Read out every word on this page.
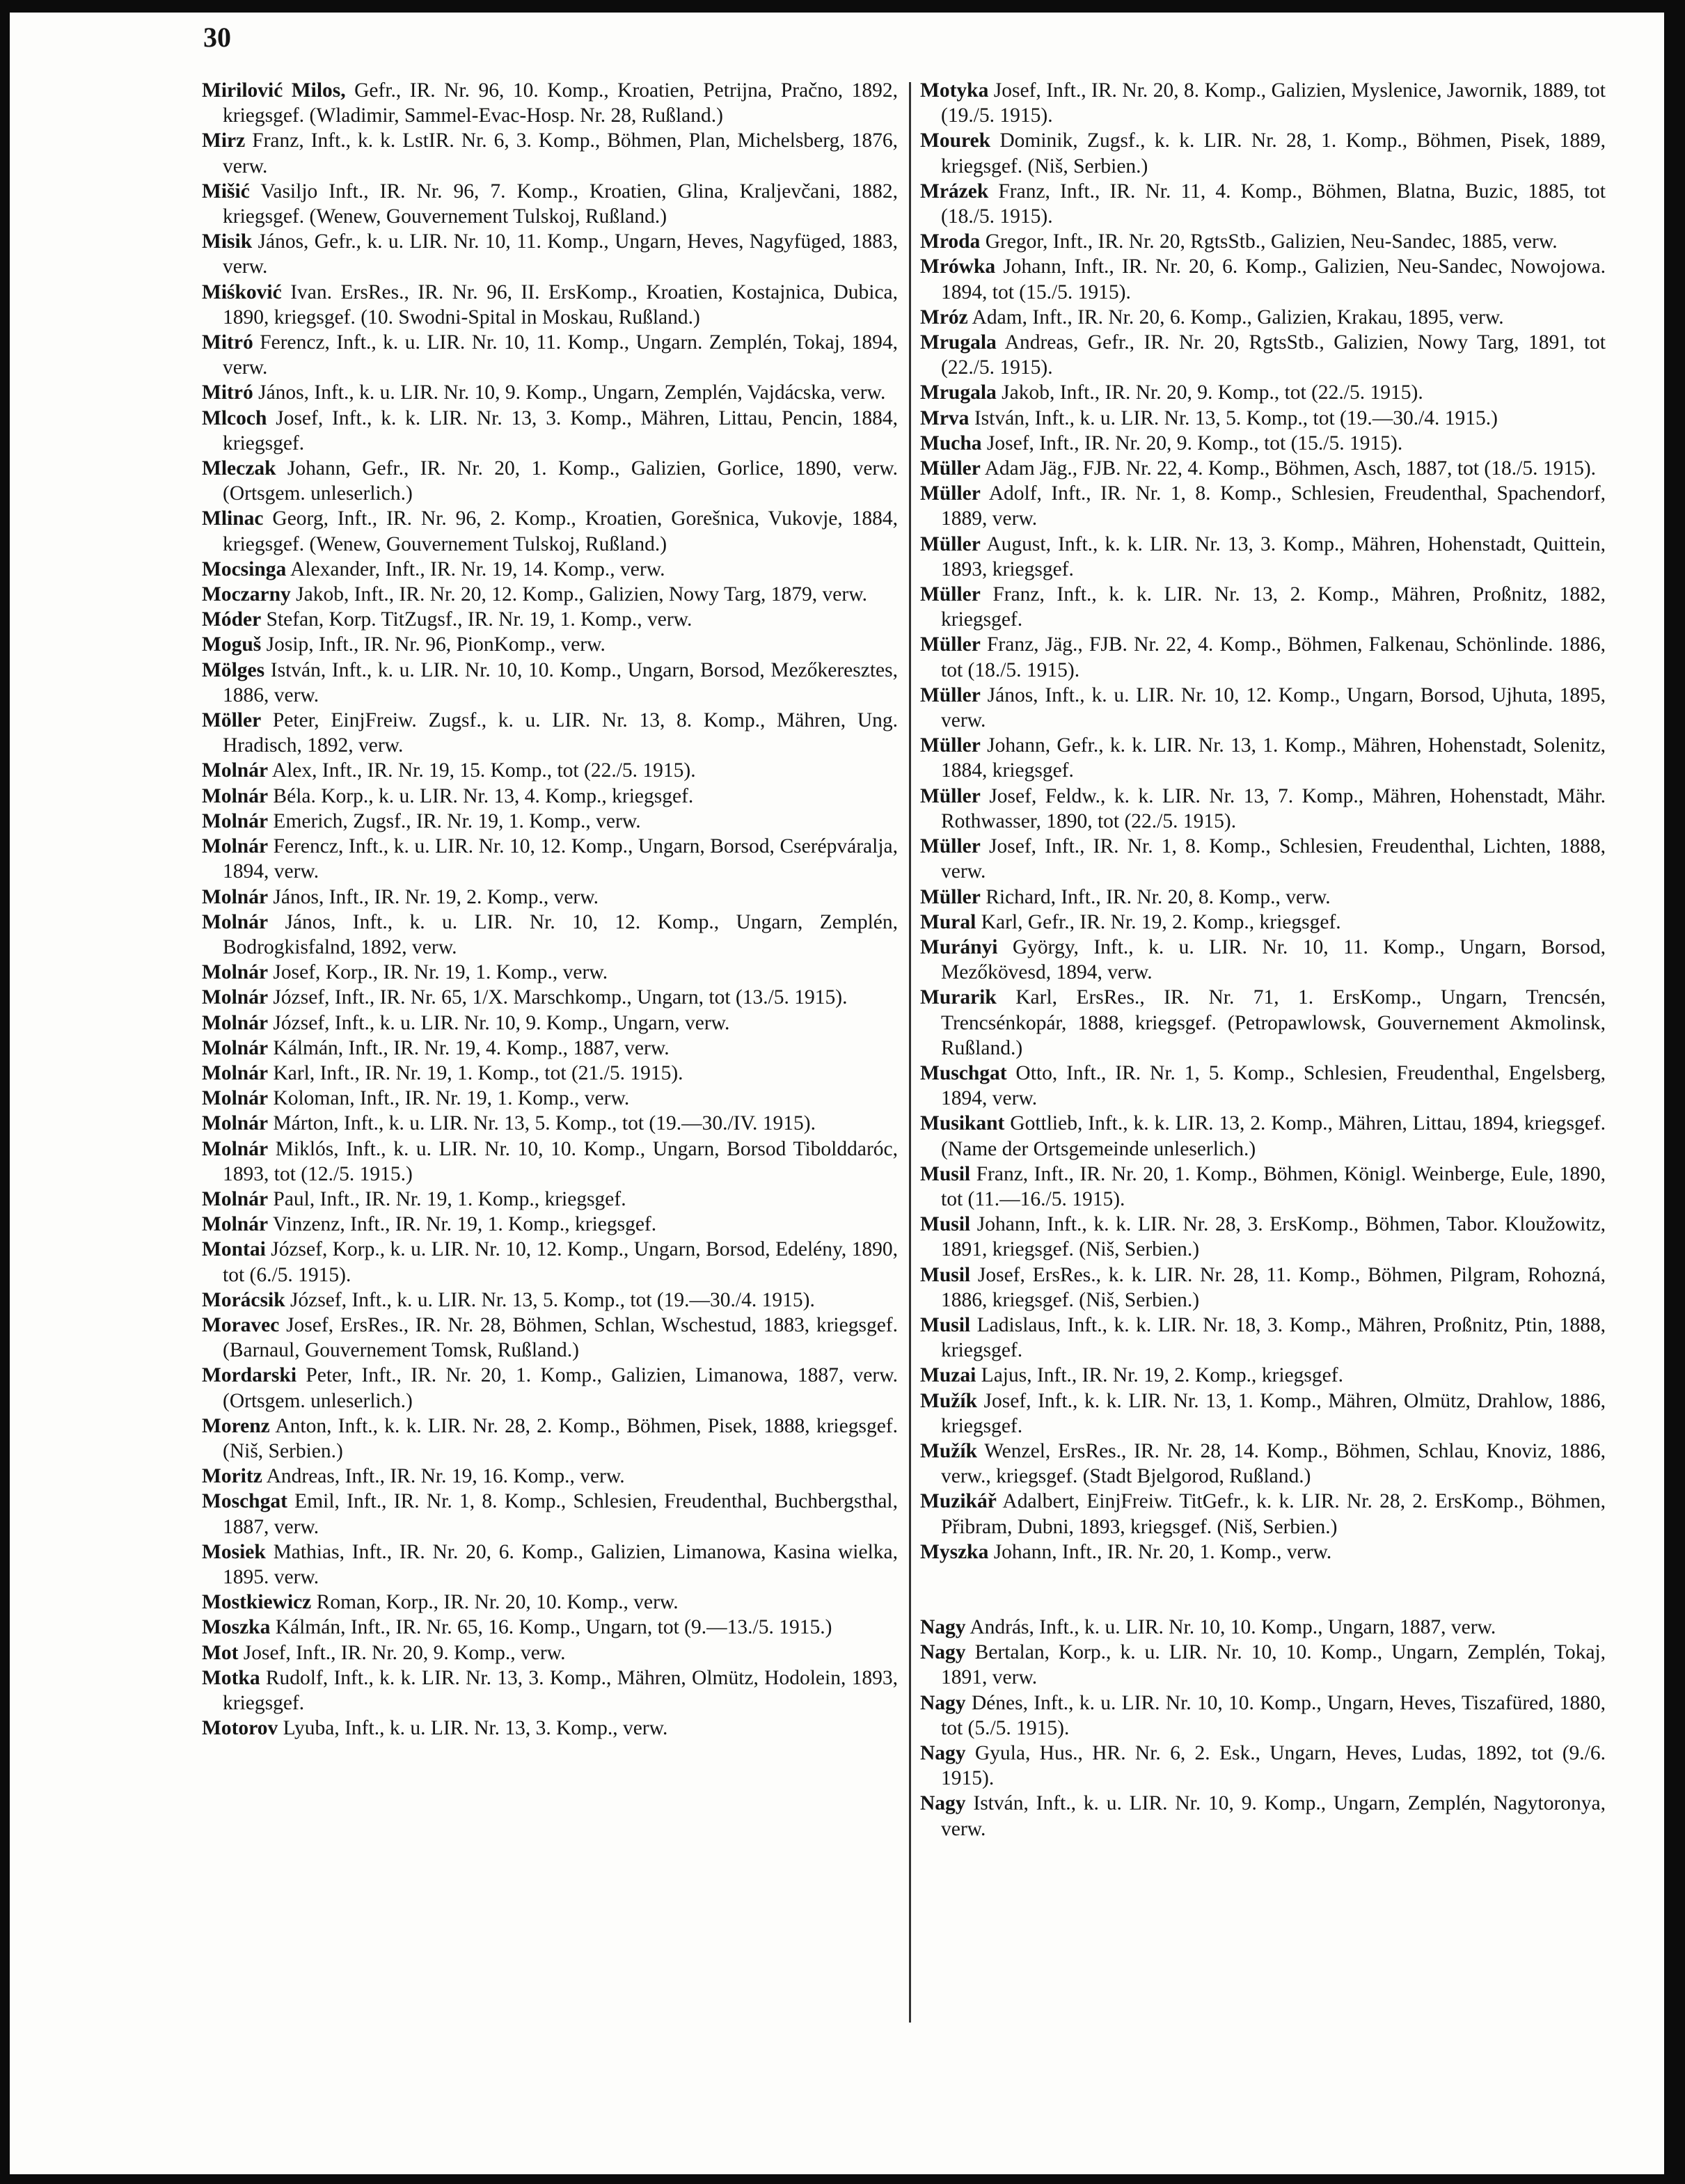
30

Mirilović Milos, Gefr., IR. Nr. 96, 10. Komp., Kroatien, Petrijna, Pračno, 1892, kriegsgef. (Wladimir, Sammel-Evac-Hosp. Nr. 28, Rußland.)

Mirz Franz, Inft., k. k. LstIR. Nr. 6, 3. Komp., Böhmen, Plan, Michelsberg, 1876, verw.

Mišić Vasiljo Inft., IR. Nr. 96, 7. Komp., Kroatien, Glina, Kraljevčani, 1882, kriegsgef. (Wenew, Gouvernement Tulskoj, Rußland.)

Misik János, Gefr., k. u. LIR. Nr. 10, 11. Komp., Ungarn, Heves, Nagyfüged, 1883, verw.

Miśković Ivan. ErsRes., IR. Nr. 96, II. ErsKomp., Kroatien, Kostajnica, Dubica, 1890, kriegsgef. (10. Swodni-Spital in Moskau, Rußland.)

Mitró Ferencz, Inft., k. u. LIR. Nr. 10, 11. Komp., Ungarn. Zemplén, Tokaj, 1894, verw.

Mitró János, Inft., k. u. LIR. Nr. 10, 9. Komp., Ungarn, Zemplén, Vajdácska, verw.

Mlcoch Josef, Inft., k. k. LIR. Nr. 13, 3. Komp., Mähren, Littau, Pencin, 1884, kriegsgef.

Mleczak Johann, Gefr., IR. Nr. 20, 1. Komp., Galizien, Gorlice, 1890, verw. (Ortsgem. unleserlich.)

Mlinac Georg, Inft., IR. Nr. 96, 2. Komp., Kroatien, Gorešnica, Vukovje, 1884, kriegsgef. (Wenew, Gouvernement Tulskoj, Rußland.)

Mocsinga Alexander, Inft., IR. Nr. 19, 14. Komp., verw.

Moczarny Jakob, Inft., IR. Nr. 20, 12. Komp., Galizien, Nowy Targ, 1879, verw.

Móder Stefan, Korp. TitZugsf., IR. Nr. 19, 1. Komp., verw.

Moguš Josip, Inft., IR. Nr. 96, PionKomp., verw.

Mölges István, Inft., k. u. LIR. Nr. 10, 10. Komp., Ungarn, Borsod, Mezőkeresztes, 1886, verw.

Möller Peter, EinjFreiw. Zugsf., k. u. LIR. Nr. 13, 8. Komp., Mähren, Ung. Hradisch, 1892, verw.

Molnár Alex, Inft., IR. Nr. 19, 15. Komp., tot (22./5. 1915).

Molnár Béla. Korp., k. u. LIR. Nr. 13, 4. Komp., kriegsgef.

Molnár Emerich, Zugsf., IR. Nr. 19, 1. Komp., verw.

Molnár Ferencz, Inft., k. u. LIR. Nr. 10, 12. Komp., Ungarn, Borsod, Cserépváralja, 1894, verw.

Molnár János, Inft., IR. Nr. 19, 2. Komp., verw.

Molnár János, Inft., k. u. LIR. Nr. 10, 12. Komp., Ungarn, Zemplén, Bodrogkisfalnd, 1892, verw.

Molnár Josef, Korp., IR. Nr. 19, 1. Komp., verw.

Molnár József, Inft., IR. Nr. 65, 1/X. Marschkomp., Ungarn, tot (13./5. 1915).

Molnár József, Inft., k. u. LIR. Nr. 10, 9. Komp., Ungarn, verw.

Molnár Kálmán, Inft., IR. Nr. 19, 4. Komp., 1887, verw.

Molnár Karl, Inft., IR. Nr. 19, 1. Komp., tot (21./5. 1915).

Molnár Koloman, Inft., IR. Nr. 19, 1. Komp., verw.

Molnár Márton, Inft., k. u. LIR. Nr. 13, 5. Komp., tot (19.—30./IV. 1915).

Molnár Miklós, Inft., k. u. LIR. Nr. 10, 10. Komp., Ungarn, Borsod Tibolddaróc, 1893, tot (12./5. 1915.)

Molnár Paul, Inft., IR. Nr. 19, 1. Komp., kriegsgef.

Molnár Vinzenz, Inft., IR. Nr. 19, 1. Komp., kriegsgef.

Montai József, Korp., k. u. LIR. Nr. 10, 12. Komp., Ungarn, Borsod, Edelény, 1890, tot (6./5. 1915).

Morácsik József, Inft., k. u. LIR. Nr. 13, 5. Komp., tot (19.—30./4. 1915).

Moravec Josef, ErsRes., IR. Nr. 28, Böhmen, Schlan, Wschestud, 1883, kriegsgef. (Barnaul, Gouvernement Tomsk, Rußland.)

Mordarski Peter, Inft., IR. Nr. 20, 1. Komp., Galizien, Limanowa, 1887, verw. (Ortsgem. unleserlich.)

Morenz Anton, Inft., k. k. LIR. Nr. 28, 2. Komp., Böhmen, Pisek, 1888, kriegsgef. (Niš, Serbien.)

Moritz Andreas, Inft., IR. Nr. 19, 16. Komp., verw.

Moschgat Emil, Inft., IR. Nr. 1, 8. Komp., Schlesien, Freudenthal, Buchbergsthal, 1887, verw.

Mosiek Mathias, Inft., IR. Nr. 20, 6. Komp., Galizien, Limanowa, Kasina wielka, 1895. verw.

Mostkiewicz Roman, Korp., IR. Nr. 20, 10. Komp., verw.

Moszka Kálmán, Inft., IR. Nr. 65, 16. Komp., Ungarn, tot (9.—13./5. 1915.)

Mot Josef, Inft., IR. Nr. 20, 9. Komp., verw.

Motka Rudolf, Inft., k. k. LIR. Nr. 13, 3. Komp., Mähren, Olmütz, Hodolein, 1893, kriegsgef.

Motorov Lyuba, Inft., k. u. LIR. Nr. 13, 3. Komp., verw.

Motyka Josef, Inft., IR. Nr. 20, 8. Komp., Galizien, Myslenice, Jawornik, 1889, tot (19./5. 1915).

Mourek Dominik, Zugsf., k. k. LIR. Nr. 28, 1. Komp., Böhmen, Pisek, 1889, kriegsgef. (Niš, Serbien.)

Mrázek Franz, Inft., IR. Nr. 11, 4. Komp., Böhmen, Blatna, Buzic, 1885, tot (18./5. 1915).

Mroda Gregor, Inft., IR. Nr. 20, RgtsStb., Galizien, Neu-Sandec, 1885, verw.

Mrówka Johann, Inft., IR. Nr. 20, 6. Komp., Galizien, Neu-Sandec, Nowojowa. 1894, tot (15./5. 1915).

Mróz Adam, Inft., IR. Nr. 20, 6. Komp., Galizien, Krakau, 1895, verw.

Mrugala Andreas, Gefr., IR. Nr. 20, RgtsStb., Galizien, Nowy Targ, 1891, tot (22./5. 1915).

Mrugala Jakob, Inft., IR. Nr. 20, 9. Komp., tot (22./5. 1915).

Mrva István, Inft., k. u. LIR. Nr. 13, 5. Komp., tot (19.—30./4. 1915.)

Mucha Josef, Inft., IR. Nr. 20, 9. Komp., tot (15./5. 1915).

Müller Adam Jäg., FJB. Nr. 22, 4. Komp., Böhmen, Asch, 1887, tot (18./5. 1915).

Müller Adolf, Inft., IR. Nr. 1, 8. Komp., Schlesien, Freudenthal, Spachendorf, 1889, verw.

Müller August, Inft., k. k. LIR. Nr. 13, 3. Komp., Mähren, Hohenstadt, Quittein, 1893, kriegsgef.

Müller Franz, Inft., k. k. LIR. Nr. 13, 2. Komp., Mähren, Proßnitz, 1882, kriegsgef.

Müller Franz, Jäg., FJB. Nr. 22, 4. Komp., Böhmen, Falkenau, Schönlinde. 1886, tot (18./5. 1915).

Müller János, Inft., k. u. LIR. Nr. 10, 12. Komp., Ungarn, Borsod, Ujhuta, 1895, verw.

Müller Johann, Gefr., k. k. LIR. Nr. 13, 1. Komp., Mähren, Hohenstadt, Solenitz, 1884, kriegsgef.

Müller Josef, Feldw., k. k. LIR. Nr. 13, 7. Komp., Mähren, Hohenstadt, Mähr. Rothwasser, 1890, tot (22./5. 1915).

Müller Josef, Inft., IR. Nr. 1, 8. Komp., Schlesien, Freudenthal, Lichten, 1888, verw.

Müller Richard, Inft., IR. Nr. 20, 8. Komp., verw.

Mural Karl, Gefr., IR. Nr. 19, 2. Komp., kriegsgef.

Murányi György, Inft., k. u. LIR. Nr. 10, 11. Komp., Ungarn, Borsod, Mezőkövesd, 1894, verw.

Murarik Karl, ErsRes., IR. Nr. 71, 1. ErsKomp., Ungarn, Trencsén, Trencsénkopár, 1888, kriegsgef. (Petropawlowsk, Gouvernement Akmolinsk, Rußland.)

Muschgat Otto, Inft., IR. Nr. 1, 5. Komp., Schlesien, Freudenthal, Engelsberg, 1894, verw.

Musikant Gottlieb, Inft., k. k. LIR. 13, 2. Komp., Mähren, Littau, 1894, kriegsgef. (Name der Ortsgemeinde unleserlich.)

Musil Franz, Inft., IR. Nr. 20, 1. Komp., Böhmen, Königl. Weinberge, Eule, 1890, tot (11.—16./5. 1915).

Musil Johann, Inft., k. k. LIR. Nr. 28, 3. ErsKomp., Böhmen, Tabor. Kloužowitz, 1891, kriegsgef. (Niš, Serbien.)

Musil Josef, ErsRes., k. k. LIR. Nr. 28, 11. Komp., Böhmen, Pilgram, Rohozná, 1886, kriegsgef. (Niš, Serbien.)

Musil Ladislaus, Inft., k. k. LIR. Nr. 18, 3. Komp., Mähren, Proßnitz, Ptin, 1888, kriegsgef.

Muzai Lajus, Inft., IR. Nr. 19, 2. Komp., kriegsgef.

Mužík Josef, Inft., k. k. LIR. Nr. 13, 1. Komp., Mähren, Olmütz, Drahlow, 1886, kriegsgef.

Mužík Wenzel, ErsRes., IR. Nr. 28, 14. Komp., Böhmen, Schlau, Knoviz, 1886, verw., kriegsgef. (Stadt Bjelgorod, Rußland.)

Muzikář Adalbert, EinjFreiw. TitGefr., k. k. LIR. Nr. 28, 2. ErsKomp., Böhmen, Přibram, Dubni, 1893, kriegsgef. (Niš, Serbien.)

Myszka Johann, Inft., IR. Nr. 20, 1. Komp., verw.

Nagy András, Inft., k. u. LIR. Nr. 10, 10. Komp., Ungarn, 1887, verw.

Nagy Bertalan, Korp., k. u. LIR. Nr. 10, 10. Komp., Ungarn, Zemplén, Tokaj, 1891, verw.

Nagy Dénes, Inft., k. u. LIR. Nr. 10, 10. Komp., Ungarn, Heves, Tiszafüred, 1880, tot (5./5. 1915).

Nagy Gyula, Hus., HR. Nr. 6, 2. Esk., Ungarn, Heves, Ludas, 1892, tot (9./6. 1915).

Nagy István, Inft., k. u. LIR. Nr. 10, 9. Komp., Ungarn, Zemplén, Nagytoronya, verw.
